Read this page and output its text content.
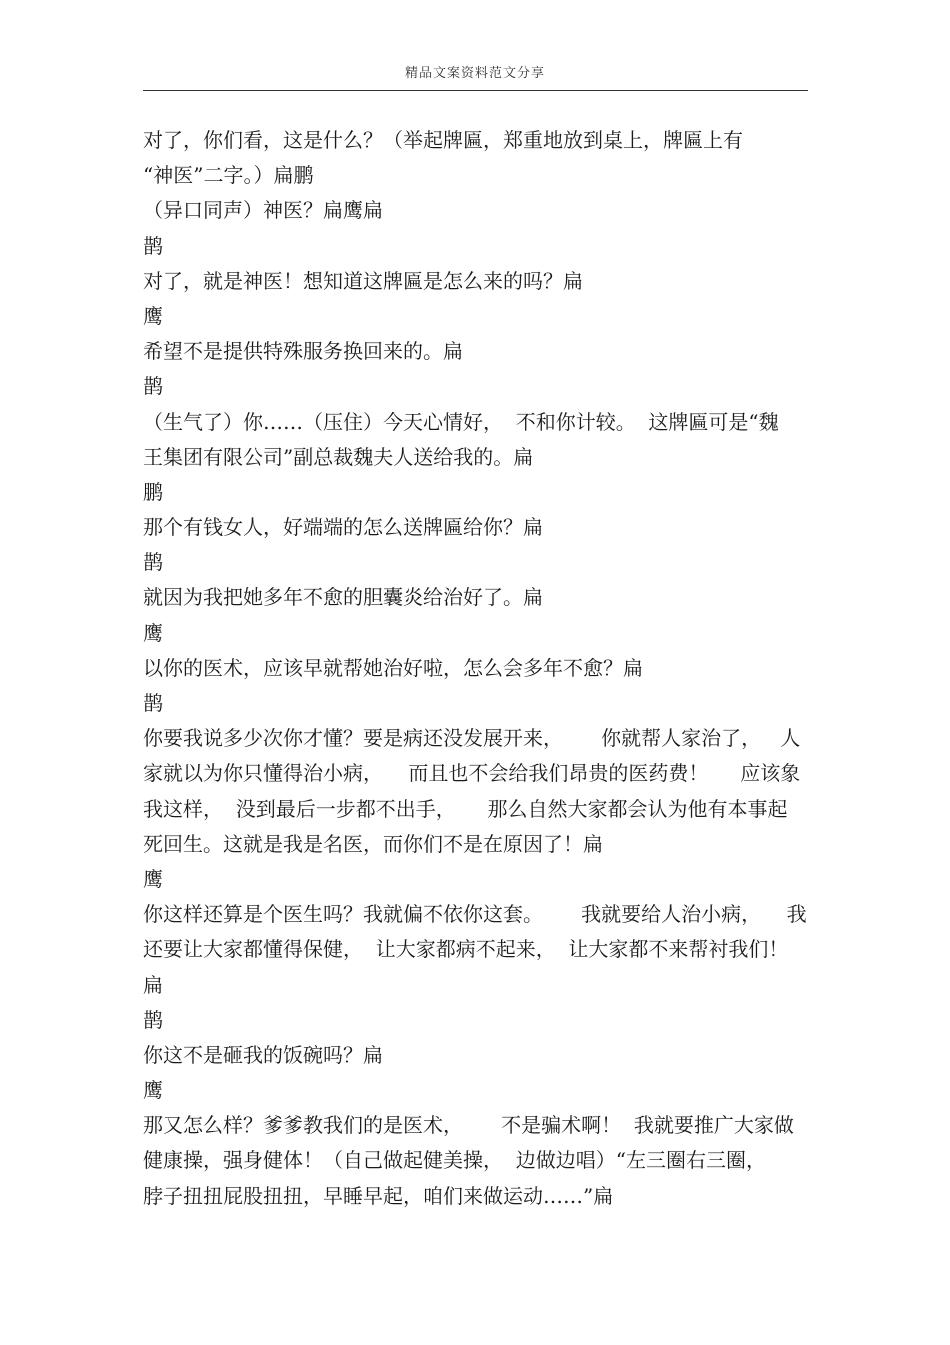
精品文案资料范文分享
对了，你们看，这是什么？（举起牌匾，郑重地放到桌上，牌匾上有
“神医”二字。）扁鹏
（异口同声）神医？扁鹰扁
鹊
对了，就是神医！想知道这牌匾是怎么来的吗？扁
鹰
希望不是提供特殊服务换回来的。扁
鹊
（生气了）你……（压住）今天心情好，  不和你计较。  这牌匾可是“魏
王集团有限公司”副总裁魏夫人送给我的。扁
鹏
那个有钱女人，好端端的怎么送牌匾给你？扁
鹊
就因为我把她多年不愈的胆囊炎给治好了。扁
鹰
以你的医术，应该早就帮她治好啦，怎么会多年不愈？扁
鹊
你要我说多少次你才懂？要是病还没发展开来，      你就帮人家治了，   人
家就以为你只懂得治小病，    而且也不会给我们昂贵的医药费！     应该象
我这样，  没到最后一步都不出手，     那么自然大家都会认为他有本事起
死回生。这就是我是名医，而你们不是在原因了！扁
鹰
你这样还算是个医生吗？我就偏不依你这套。      我就要给人治小病，    我
还要让大家都懂得保健，  让大家都病不起来，  让大家都不来帮衬我们！
扁
鹊
你这不是砸我的饭碗吗？扁
鹰
那又怎么样？爹爹教我们的是医术，      不是骗术啊！  我就要推广大家做
健康操，强身健体！（自己做起健美操，  边做边唱）“左三圈右三圈，
脖子扭扭屁股扭扭，早睡早起，咱们来做运动……”扁
